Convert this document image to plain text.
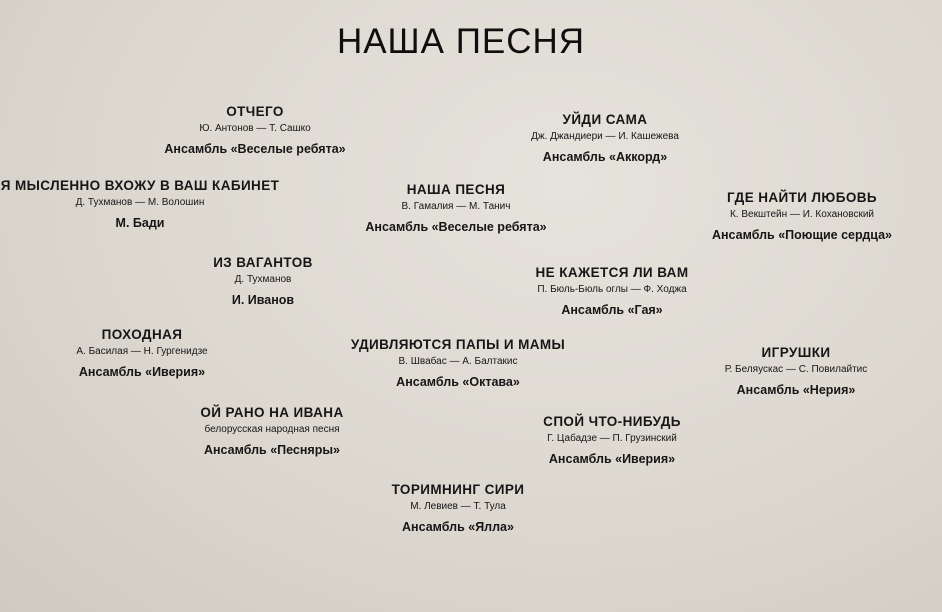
НАША ПЕСНЯ
ОТЧЕГО
Ю. Антонов — Т. Сашко
Ансамбль «Веселые ребята»
УЙДИ САМА
Дж. Джандиери — И. Кашежева
Ансамбль «Аккорд»
Я МЫСЛЕННО ВХОЖУ В ВАШ КАБИНЕТ
Д. Тухманов — М. Волошин
М. Бади
НАША ПЕСНЯ
В. Гамалия — М. Танич
Ансамбль «Веселые ребята»
ГДЕ НАЙТИ ЛЮБОВЬ
К. Векштейн — И. Кохановский
Ансамбль «Поющие сердца»
ИЗ ВАГАНТОВ
Д. Тухманов
И. Иванов
НЕ КАЖЕТСЯ ЛИ ВАМ
П. Бюль-Бюль оглы — Ф. Ходжа
Ансамбль «Гая»
ПОХОДНАЯ
А. Басилая — Н. Гургенидзе
Ансамбль «Иверия»
УДИВЛЯЮТСЯ ПАПЫ И МАМЫ
В. Швабас — А. Балтакис
Ансамбль «Октава»
ИГРУШКИ
Р. Беляускас — С. Повилайтис
Ансамбль «Нерия»
ОЙ РАНО НА ИВАНА
белорусская народная песня
Ансамбль «Песняры»
СПОЙ ЧТО-НИБУДЬ
Г. Цабадзе — П. Грузинский
Ансамбль «Иверия»
ТОРИМНИНГ СИРИ
М. Левиев — Т. Тула
Ансамбль «Ялла»
